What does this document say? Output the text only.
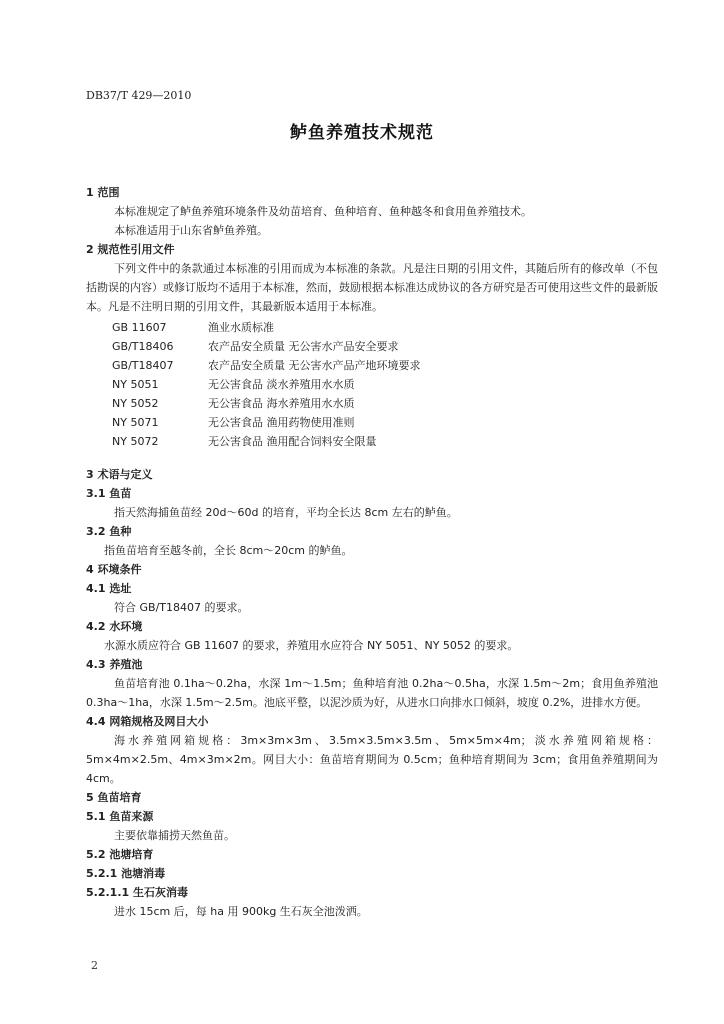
DB37/T 429—2010
鲈鱼养殖技术规范
1 范围
本标准规定了鲈鱼养殖环境条件及幼苗培育、鱼种培育、鱼种越冬和食用鱼养殖技术。
本标准适用于山东省鲈鱼养殖。
2 规范性引用文件
下列文件中的条款通过本标准的引用而成为本标准的条款。凡是注日期的引用文件，其随后所有的修改单（不包括勘误的内容）或修订版均不适用于本标准，然而，鼓励根据本标准达成协议的各方研究是否可使用这些文件的最新版本。凡是不注明日期的引用文件，其最新版本适用于本标准。
GB 11607	渔业水质标准
GB/T18406	农产品安全质量 无公害水产品安全要求
GB/T18407	农产品安全质量 无公害水产品产地环境要求
NY 5051	无公害食品 淡水养殖用水水质
NY 5052	无公害食品 海水养殖用水水质
NY 5071	无公害食品 渔用药物使用准则
NY 5072	无公害食品 渔用配合饲料安全限量
3 术语与定义
3.1 鱼苗
指天然海捕鱼苗经 20d～60d 的培育，平均全长达 8cm 左右的鲈鱼。
3.2 鱼种
指鱼苗培育至越冬前，全长 8cm～20cm 的鲈鱼。
4 环境条件
4.1 选址
符合 GB/T18407 的要求。
4.2 水环境
水源水质应符合 GB 11607 的要求，养殖用水应符合 NY 5051、NY 5052 的要求。
4.3 养殖池
鱼苗培育池 0.1ha～0.2ha，水深 1m～1.5m；鱼种培育池 0.2ha～0.5ha，水深 1.5m～2m；食用鱼养殖池 0.3ha～1ha，水深 1.5m～2.5m。池底平整，以泥沙质为好，从进水口向排水口倾斜，坡度 0.2%，进排水方便。
4.4 网箱规格及网目大小
海水养殖网箱规格：3m×3m×3m、3.5m×3.5m×3.5m、5m×5m×4m；淡水养殖网箱规格：5m×4m×2.5m、4m×3m×2m。网目大小：鱼苗培育期间为 0.5cm；鱼种培育期间为 3cm；食用鱼养殖期间为 4cm。
5 鱼苗培育
5.1 鱼苗来源
主要依靠捕捞天然鱼苗。
5.2 池塘培育
5.2.1 池塘消毒
5.2.1.1 生石灰消毒
进水 15cm 后，每 ha 用 900kg 生石灰全池泼洒。
2
